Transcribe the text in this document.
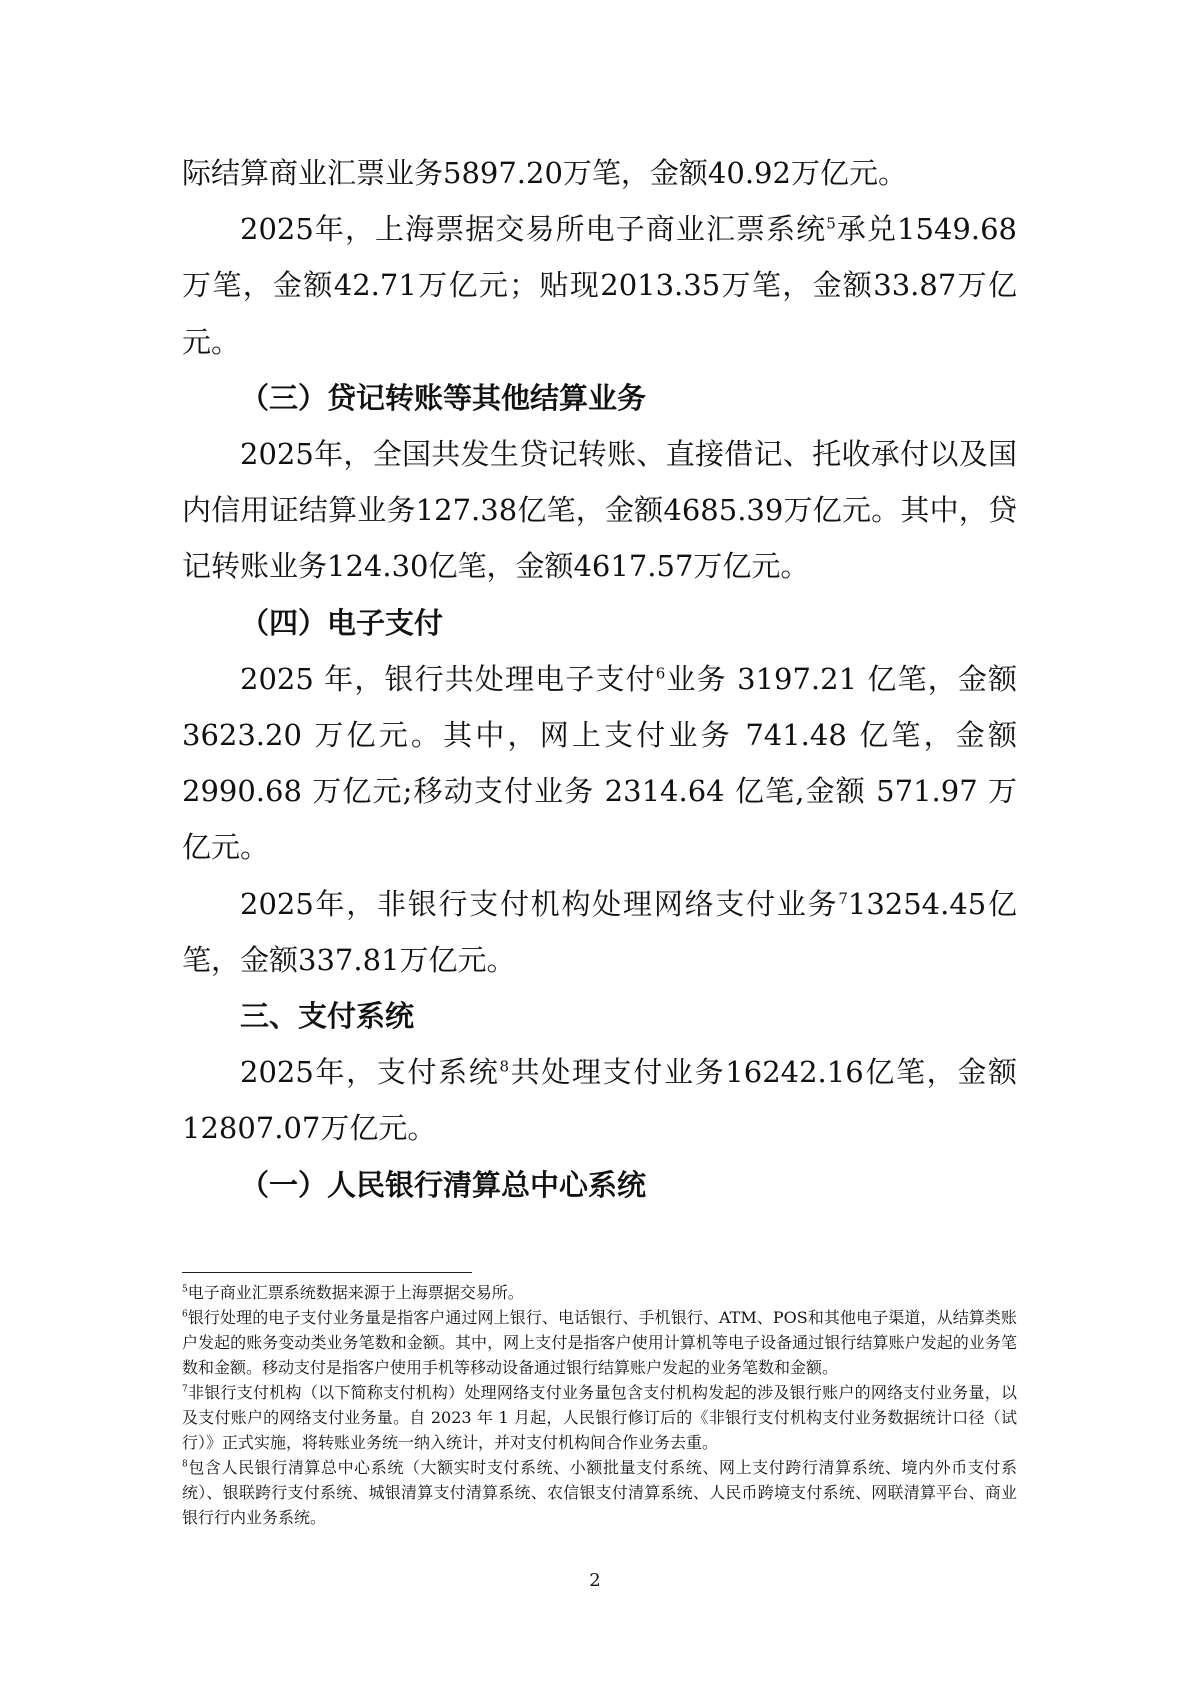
际结算商业汇票业务5897.20万笔，金额40.92万亿元。

2025年，上海票据交易所电子商业汇票系统$^5$承兑1549.68万笔，金额42.71万亿元；贴现2013.35万笔，金额33.87万亿元。

（三）贷记转账等其他结算业务

2025年，全国共发生贷记转账、直接借记、托收承付以及国内信用证结算业务127.38亿笔，金额4685.39万亿元。其中，贷记转账业务124.30亿笔，金额4617.57万亿元。

（四）电子支付

2025 年，银行共处理电子支付$^6$业务 3197.21 亿笔，金额 3623.20 万亿元。其中，网上支付业务 741.48 亿笔，金额 2990.68 万亿元;移动支付业务 2314.64 亿笔,金额 571.97 万亿元。

2025年，非银行支付机构处理网络支付业务$^7$13254.45亿笔，金额337.81万亿元。

三、支付系统

2025年，支付系统$^8$共处理支付业务16242.16亿笔，金额12807.07万亿元。

（一）人民银行清算总中心系统

$^5$电子商业汇票系统数据来源于上海票据交易所。

$^6$银行处理的电子支付业务量是指客户通过网上银行、电话银行、手机银行、ATM、POS和其他电子渠道，从结算类账户发起的账务变动类业务笔数和金额。其中，网上支付是指客户使用计算机等电子设备通过银行结算账户发起的业务笔数和金额。移动支付是指客户使用手机等移动设备通过银行结算账户发起的业务笔数和金额。

$^7$非银行支付机构（以下简称支付机构）处理网络支付业务量包含支付机构发起的涉及银行账户的网络支付业务量，以及支付账户的网络支付业务量。自 2023 年 1 月起，人民银行修订后的《非银行支付机构支付业务数据统计口径（试行）》正式实施，将转账业务统一纳入统计，并对支付机构间合作业务去重。

$^8$包含人民银行清算总中心系统（大额实时支付系统、小额批量支付系统、网上支付跨行清算系统、境内外币支付系统）、银联跨行支付系统、城银清算支付清算系统、农信银支付清算系统、人民币跨境支付系统、网联清算平台、商业银行行内业务系统。

2
